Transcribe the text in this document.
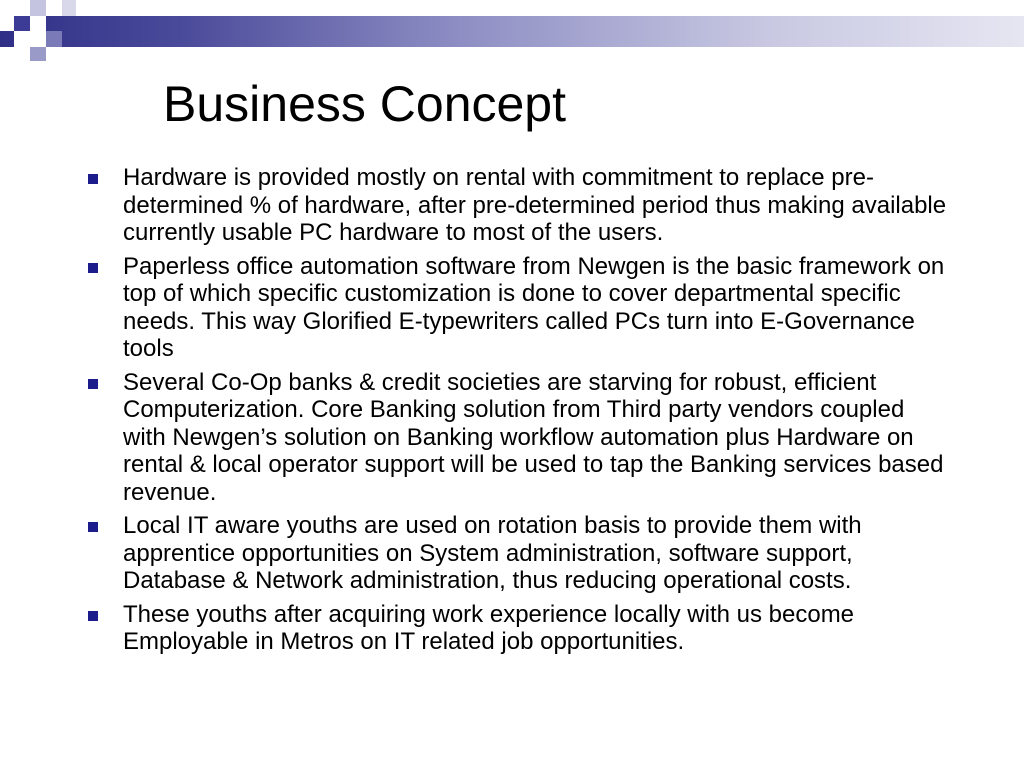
Business Concept
Hardware is provided mostly on rental with commitment to replace pre-determined % of hardware, after pre-determined period thus making available currently usable PC hardware to most of the users.
Paperless office automation software from Newgen is the basic framework on top of which specific customization is done to cover departmental specific needs. This way Glorified E-typewriters called PCs turn into E-Governance tools
Several Co-Op banks & credit societies are starving for robust, efficient Computerization. Core Banking solution from Third party vendors coupled with Newgen’s solution on Banking workflow automation plus Hardware on rental & local operator support will be used to tap the Banking services based revenue.
Local IT aware youths are used on rotation basis to provide them with apprentice opportunities on System administration, software support, Database & Network administration, thus reducing operational costs.
These youths after acquiring work experience locally with us become Employable in Metros on IT related job opportunities.
